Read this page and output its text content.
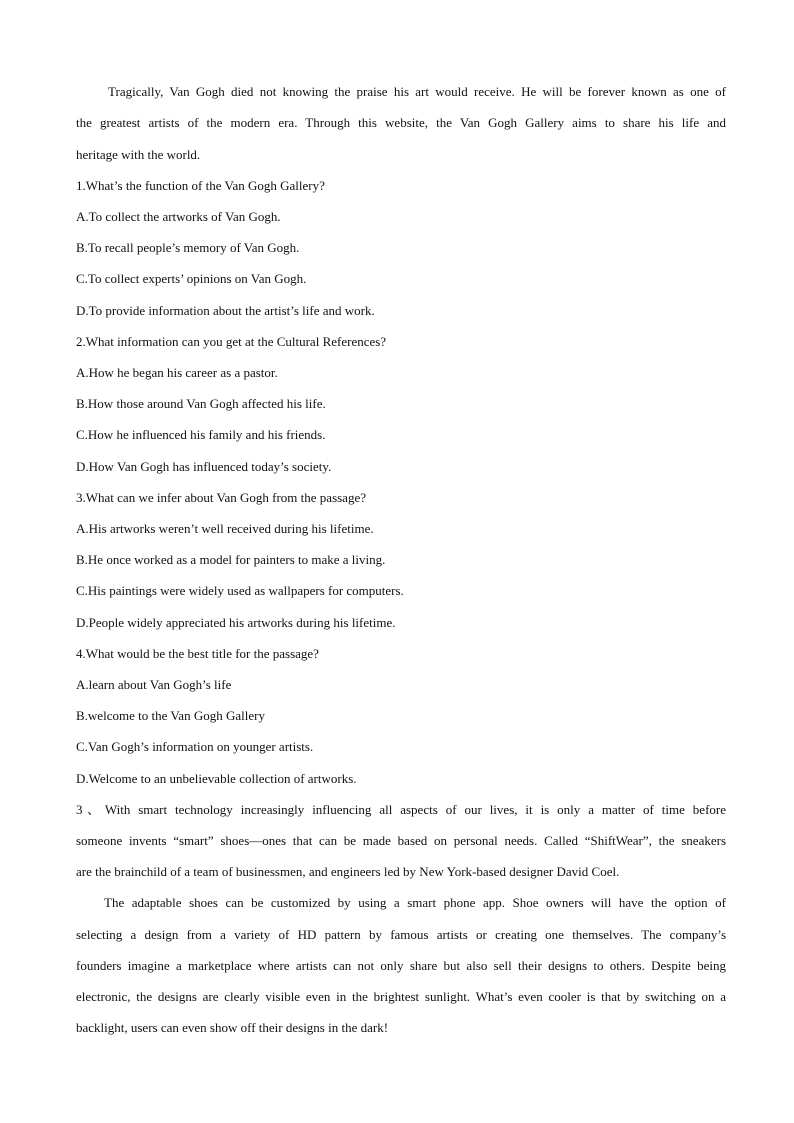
Tragically, Van Gogh died not knowing the praise his art would receive. He will be forever known as one of
the greatest artists of the modern era. Through this website, the Van Gogh Gallery aims to share his life and
heritage with the world.
1.What’s the function of the Van Gogh Gallery?
A.To collect the artworks of Van Gogh.
B.To recall people’s memory of Van Gogh.
C.To collect experts’ opinions on Van Gogh.
D.To provide information about the artist’s life and work.
2.What information can you get at the Cultural References?
A.How he began his career as a pastor.
B.How those around Van Gogh affected his life.
C.How he influenced his family and his friends.
D.How Van Gogh has influenced today’s society.
3.What can we infer about Van Gogh from the passage?
A.His artworks weren’t well received during his lifetime.
B.He once worked as a model for painters to make a living.
C.His paintings were widely used as wallpapers for computers.
D.People widely appreciated his artworks during his lifetime.
4.What would be the best title for the passage?
A.learn about Van Gogh’s life
B.welcome to the Van Gogh Gallery
C.Van Gogh’s information on younger artists.
D.Welcome to an unbelievable collection of artworks.
3、With smart technology increasingly influencing all aspects of our lives, it is only a matter of time before
someone invents “smart” shoes—ones that can be made based on personal needs. Called “ShiftWear”, the sneakers
are the brainchild of a team of businessmen, and engineers led by New York-based designer David Coel.
The adaptable shoes can be customized by using a smart phone app. Shoe owners will have the option of
selecting a design from a variety of HD pattern by famous artists or creating one themselves. The company’s
founders imagine a marketplace where artists can not only share but also sell their designs to others. Despite being
electronic, the designs are clearly visible even in the brightest sunlight. What’s even cooler is that by switching on a
backlight, users can even show off their designs in the dark!
